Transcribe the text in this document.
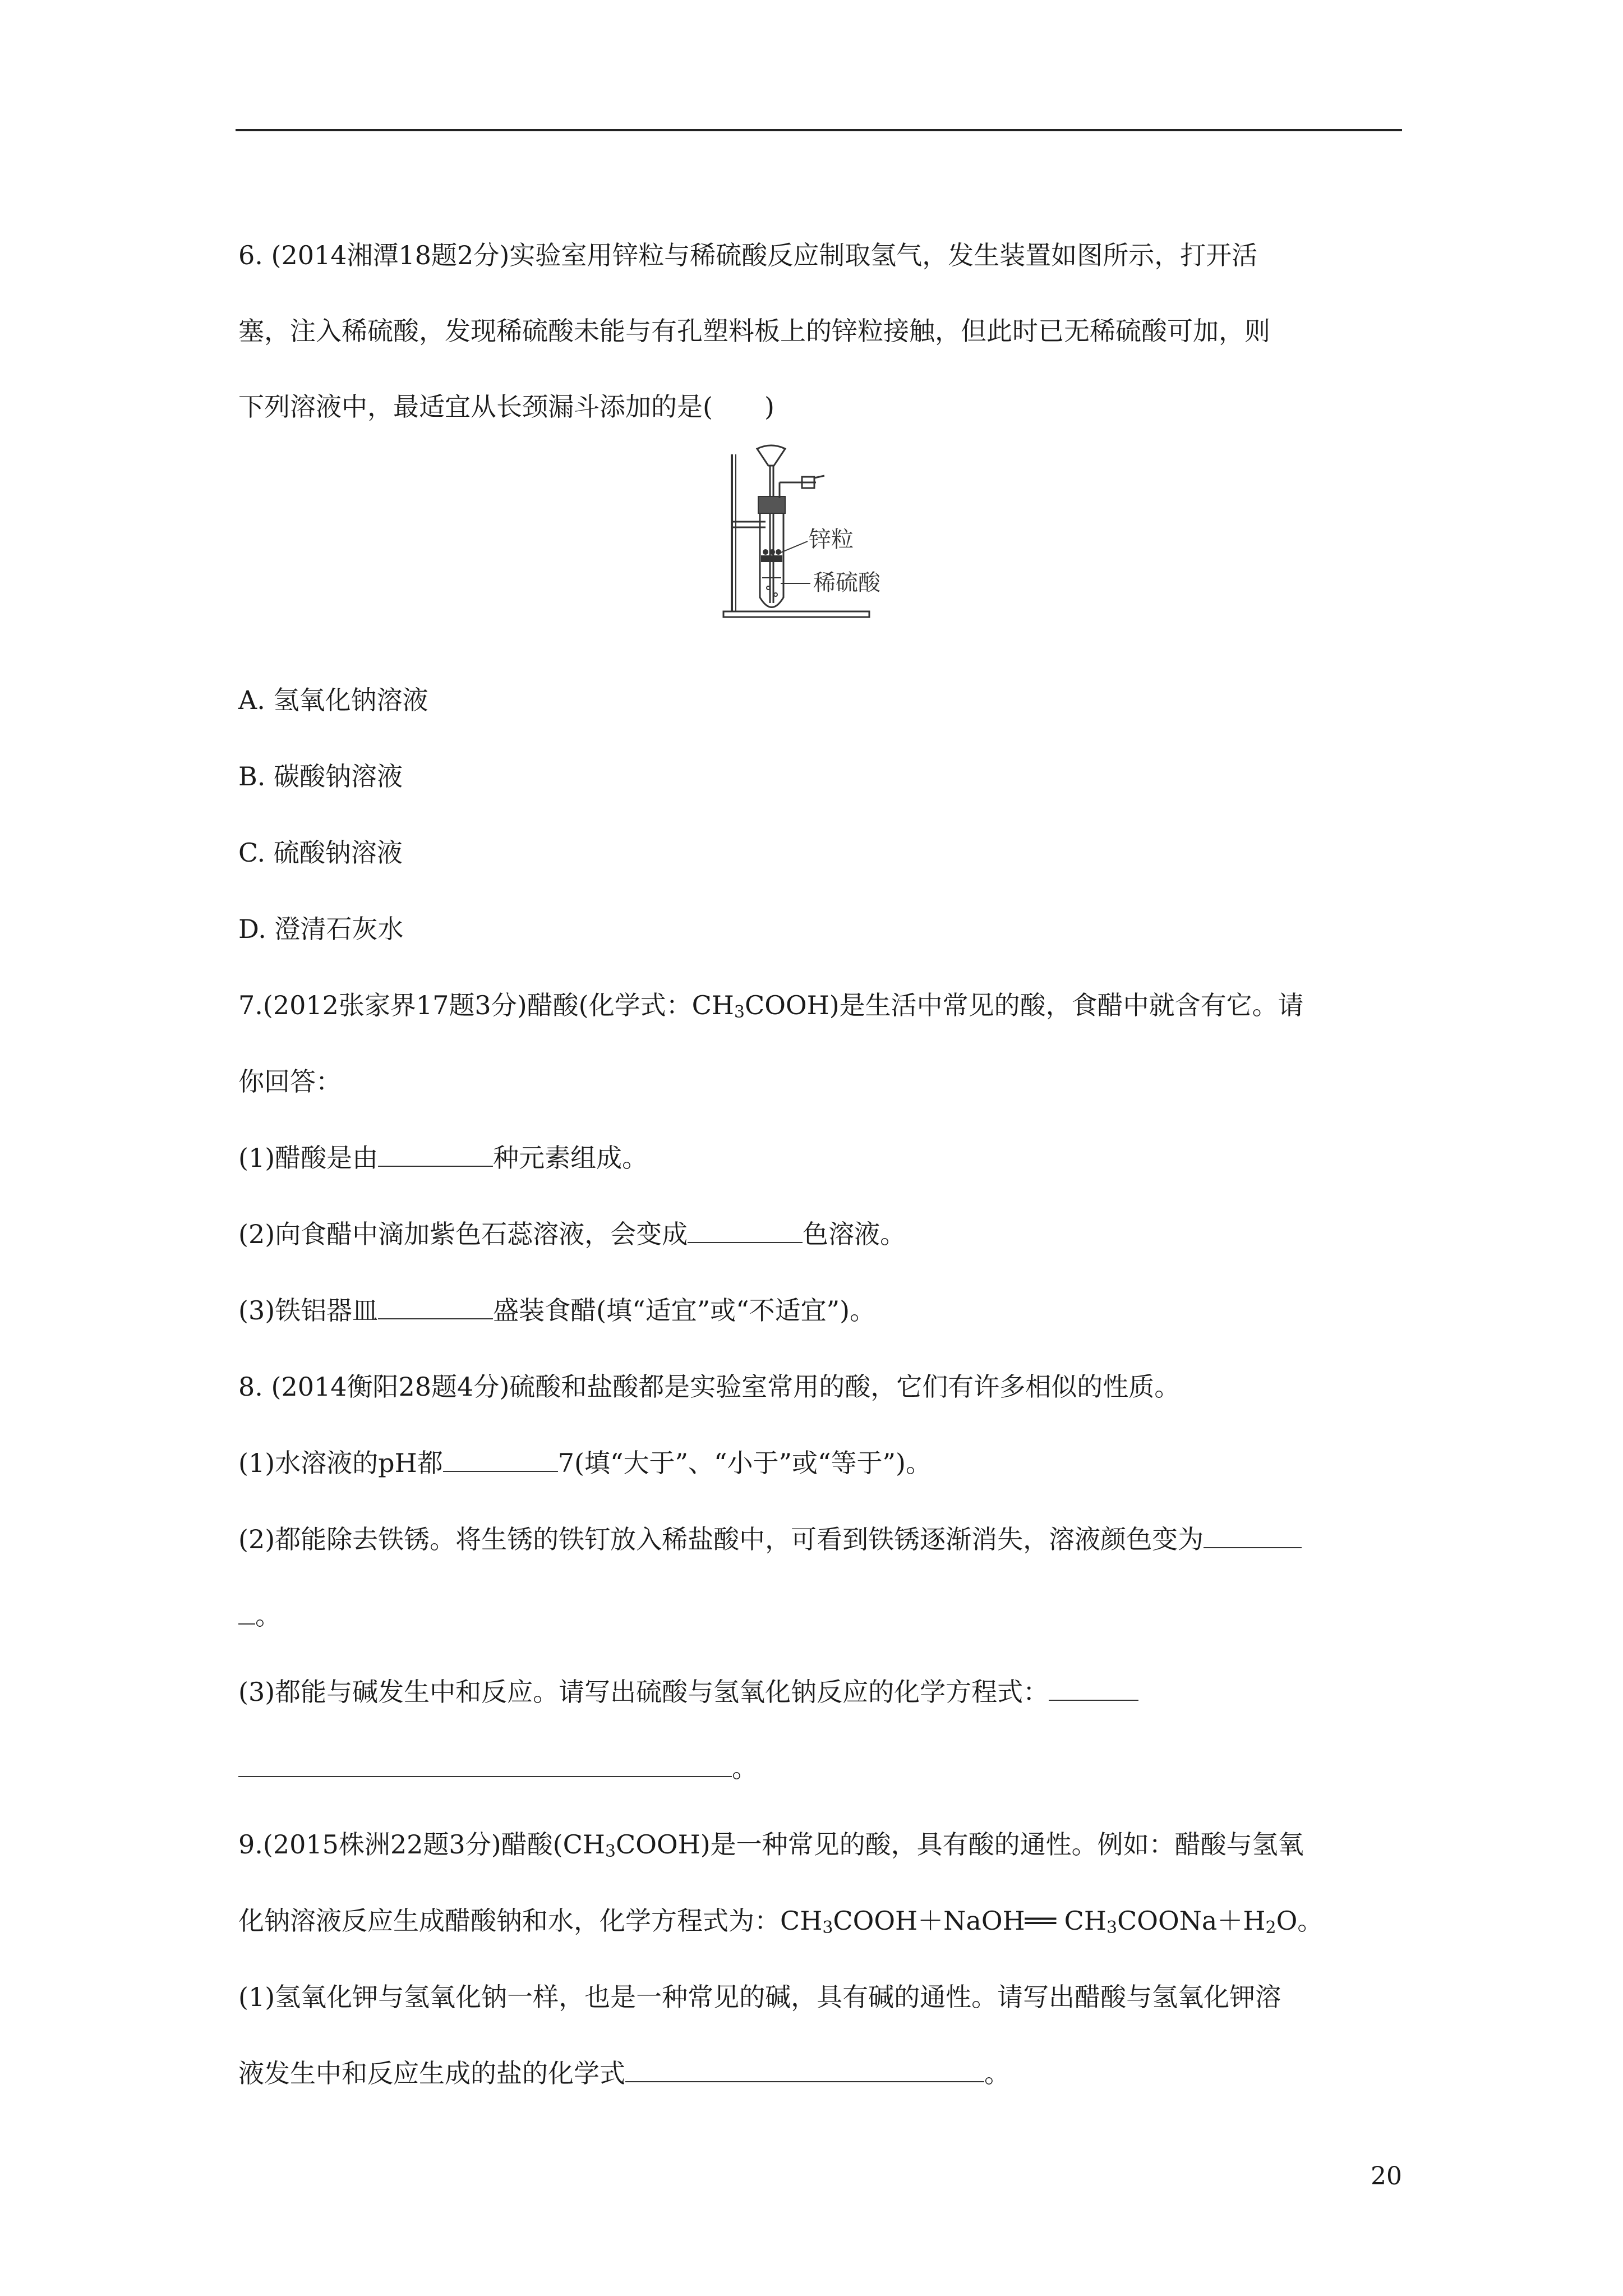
6. (2014湘潭18题2分)实验室用锌粒与稀硫酸反应制取氢气，发生装置如图所示，打开活
塞，注入稀硫酸，发现稀硫酸未能与有孔塑料板上的锌粒接触，但此时已无稀硫酸可加，则
下列溶液中，最适宜从长颈漏斗添加的是(　　)
锌粒
稀硫酸
A. 氢氧化钠溶液
B. 碳酸钠溶液
C. 硫酸钠溶液
D. 澄清石灰水
7.(2012张家界17题3分)醋酸(化学式：$CH_3COOH$)是生活中常见的酸，食醋中就含有它。请
你回答：
(1)醋酸是由	种元素组成。
(2)向食醋中滴加紫色石蕊溶液，会变成	色溶液。
(3)铁铝器皿	盛装食醋(填“适宜”或“不适宜”)。
8. (2014衡阳28题4分)硫酸和盐酸都是实验室常用的酸，它们有许多相似的性质。
(1)水溶液的pH都	7(填“大于”、“小于”或“等于”)。
(2)都能除去铁锈。将生锈的铁钉放入稀盐酸中，可看到铁锈逐渐消失，溶液颜色变为
。
(3)都能与碱发生中和反应。请写出硫酸与氢氧化钠反应的化学方程式：
。
9.(2015株洲22题3分)醋酸$(CH_3COOH)$是一种常见的酸，具有酸的通性。例如：醋酸与氢氧
化钠溶液反应生成醋酸钠和水，化学方程式为：$CH_3COOH+NaOH══$ $CH_3COONa+H_2O$。
(1)氢氧化钾与氢氧化钠一样，也是一种常见的碱，具有碱的通性。请写出醋酸与氢氧化钾溶
液发生中和反应生成的盐的化学式	。
20
